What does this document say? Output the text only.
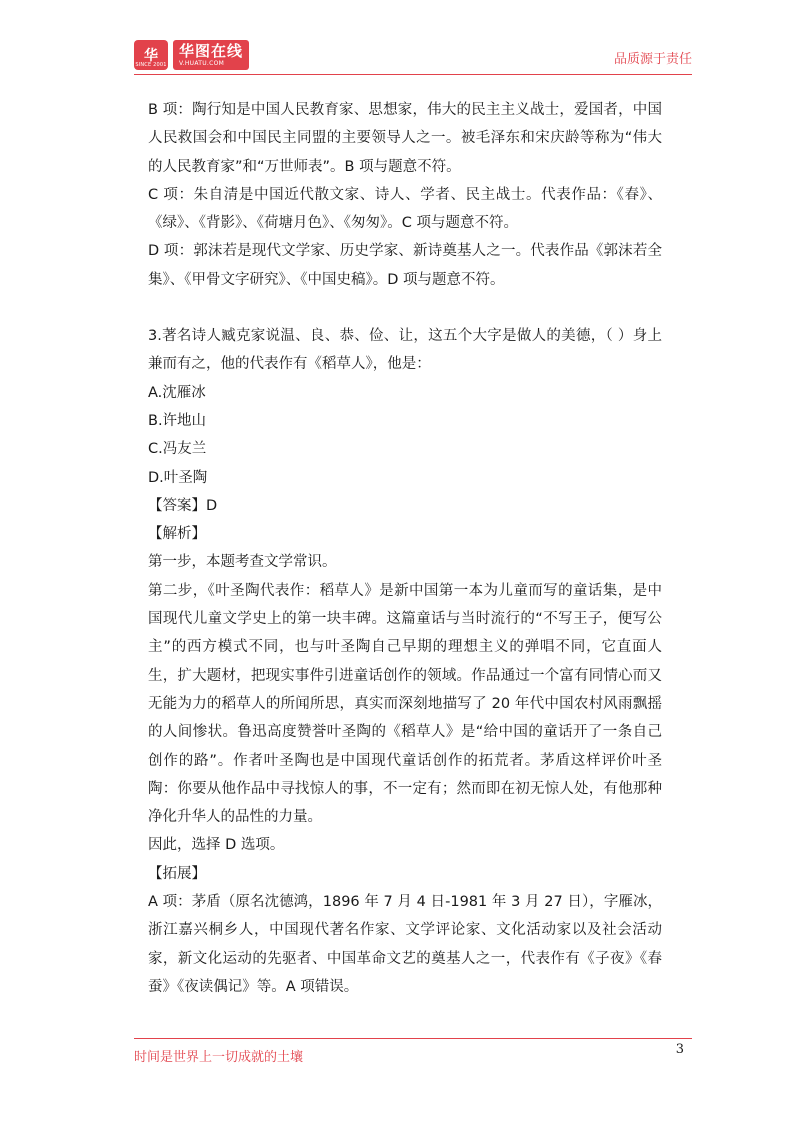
华
SINCE 2001
华图在线
V.HUATU.COM	品质源于责任

B 项：陶行知是中国人民教育家、思想家，伟大的民主主义战士，爱国者，中国人民救国会和中国民主同盟的主要领导人之一。被毛泽东和宋庆龄等称为“伟大的人民教育家”和“万世师表”。B 项与题意不符。

C 项：朱自清是中国近代散文家、诗人、学者、民主战士。代表作品：《春》、《绿》、《背影》、《荷塘月色》、《匆匆》。C 项与题意不符。

D 项：郭沫若是现代文学家、历史学家、新诗奠基人之一。代表作品《郭沫若全集》、《甲骨文字研究》、《中国史稿》。D 项与题意不符。

3.著名诗人臧克家说温、良、恭、俭、让，这五个大字是做人的美德，（ ）身上兼而有之，他的代表作有《稻草人》，他是：

A.沈雁冰

B.许地山

C.冯友兰

D.叶圣陶

【答案】D

【解析】

第一步，本题考查文学常识。

第二步，《叶圣陶代表作：稻草人》是新中国第一本为儿童而写的童话集，是中国现代儿童文学史上的第一块丰碑。这篇童话与当时流行的“不写王子，便写公主”的西方模式不同，也与叶圣陶自己早期的理想主义的弹唱不同，它直面人生，扩大题材，把现实事件引进童话创作的领域。作品通过一个富有同情心而又无能为力的稻草人的所闻所思，真实而深刻地描写了 20 年代中国农村风雨飘摇的人间惨状。鲁迅高度赞誉叶圣陶的《稻草人》是“给中国的童话开了一条自己创作的路”。作者叶圣陶也是中国现代童话创作的拓荒者。茅盾这样评价叶圣陶：你要从他作品中寻找惊人的事，不一定有；然而即在初无惊人处，有他那种净化升华人的品性的力量。

因此，选择 D 选项。

【拓展】

A 项：茅盾（原名沈德鸿，1896 年 7 月 4 日-1981 年 3 月 27 日），字雁冰，浙江嘉兴桐乡人，中国现代著名作家、文学评论家、文化活动家以及社会活动家，新文化运动的先驱者、中国革命文艺的奠基人之一，代表作有《子夜》《春蚕》《夜读偶记》等。A 项错误。

时间是世界上一切成就的土壤
3
